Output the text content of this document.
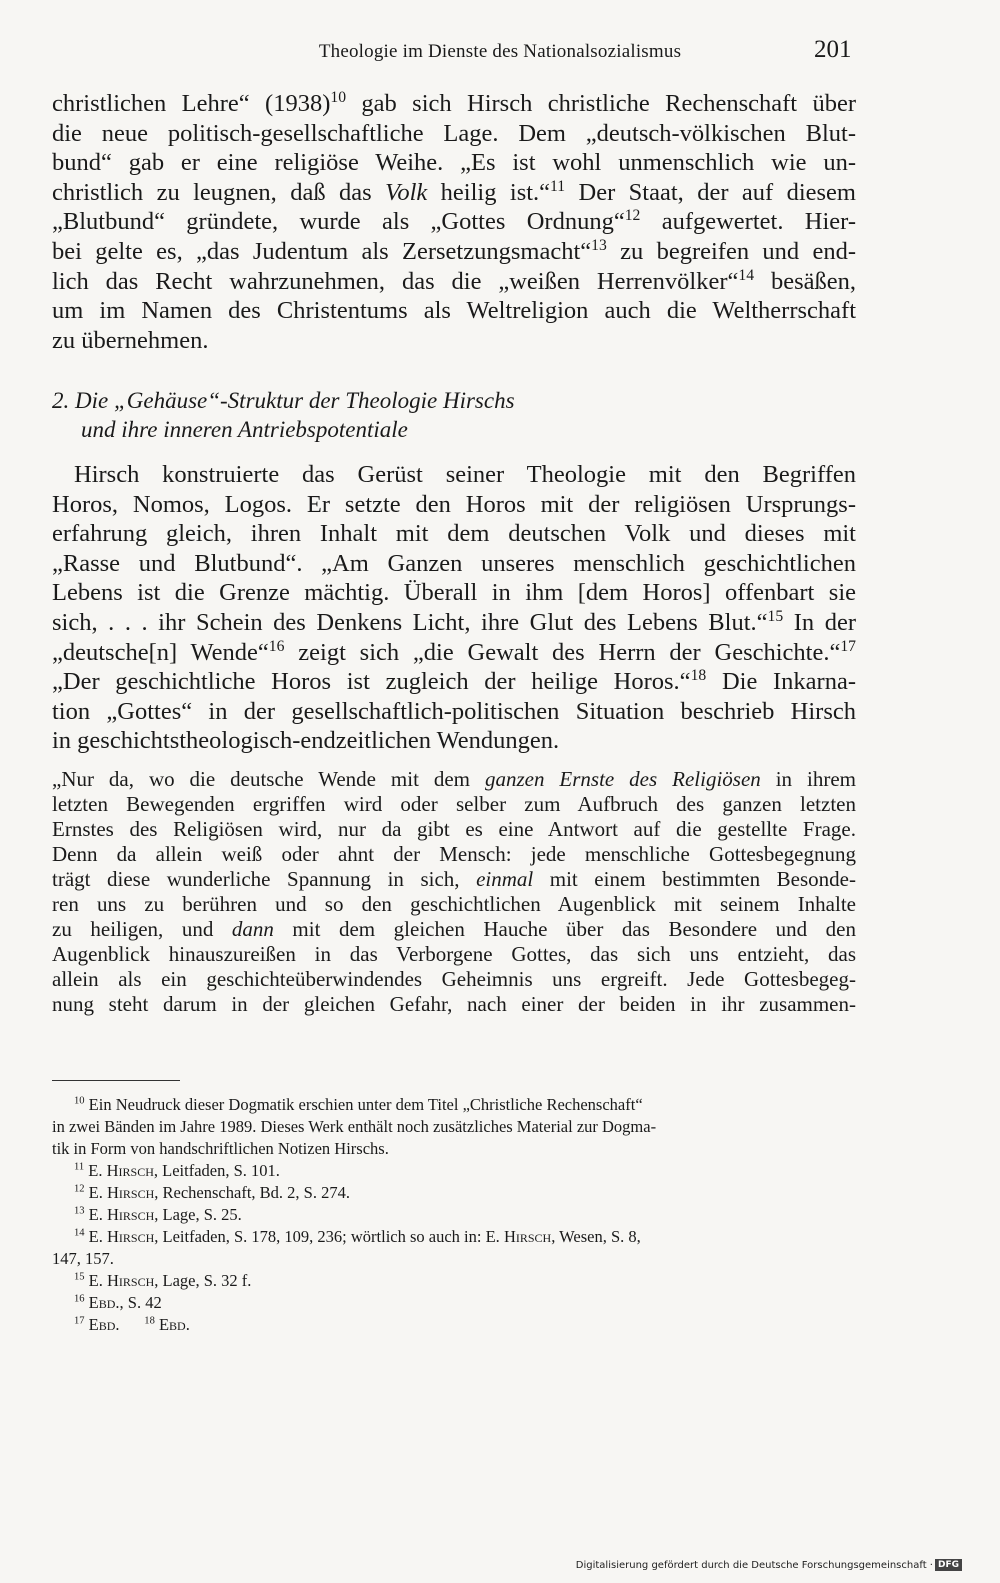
Theologie im Dienste des Nationalsozialismus	201
christlichen Lehre“ $(1938)^{10}$ gab sich Hirsch christliche Rechenschaft über
die neue politisch-gesellschaftliche Lage. Dem „deutsch-völkischen Blut-
bund“ gab er eine religiöse Weihe. „Es ist wohl unmenschlich wie un-
christlich zu leugnen, daß das Volk heilig ist.“$^{11}$ Der Staat, der auf diesem
„Blutbund“ gründete, wurde als „Gottes Ordnung“$^{12}$ aufgewertet. Hier-
bei gelte es, „das Judentum als Zersetzungsmacht“$^{13}$ zu begreifen und end-
lich das Recht wahrzunehmen, das die „weißen Herrenvölker“$^{14}$ besäßen,
um im Namen des Christentums als Weltreligion auch die Weltherrschaft
zu übernehmen.
2. Die „Gehäuse“-Struktur der Theologie Hirschs
und ihre inneren Antriebspotentiale
Hirsch konstruierte das Gerüst seiner Theologie mit den Begriffen
Horos, Nomos, Logos. Er setzte den Horos mit der religiösen Ursprungs-
erfahrung gleich, ihren Inhalt mit dem deutschen Volk und dieses mit
„Rasse und Blutbund“. „Am Ganzen unseres menschlich geschichtlichen
Lebens ist die Grenze mächtig. Überall in ihm [dem Horos] offenbart sie
sich, . . . ihr Schein des Denkens Licht, ihre Glut des Lebens Blut.“$^{15}$ In der
„deutsche[n] Wende“$^{16}$ zeigt sich „die Gewalt des Herrn der Geschichte.“$^{17}$
„Der geschichtliche Horos ist zugleich der heilige Horos.“$^{18}$ Die Inkarna-
tion „Gottes“ in der gesellschaftlich-politischen Situation beschrieb Hirsch
in geschichtstheologisch-endzeitlichen Wendungen.
„Nur da, wo die deutsche Wende mit dem ganzen Ernste des Religiösen in ihrem
letzten Bewegenden ergriffen wird oder selber zum Aufbruch des ganzen letzten
Ernstes des Religiösen wird, nur da gibt es eine Antwort auf die gestellte Frage.
Denn da allein weiß oder ahnt der Mensch: jede menschliche Gottesbegegnung
trägt diese wunderliche Spannung in sich, einmal mit einem bestimmten Besonde-
ren uns zu berühren und so den geschichtlichen Augenblick mit seinem Inhalte
zu heiligen, und dann mit dem gleichen Hauche über das Besondere und den
Augenblick hinauszureißen in das Verborgene Gottes, das sich uns entzieht, das
allein als ein geschichteüberwindendes Geheimnis uns ergreift. Jede Gottesbegeg-
nung steht darum in der gleichen Gefahr, nach einer der beiden in ihr zusammen-
$^{10}$ Ein Neudruck dieser Dogmatik erschien unter dem Titel „Christliche Rechenschaft“
in zwei Bänden im Jahre 1989. Dieses Werk enthält noch zusätzliches Material zur Dogma-
tik in Form von handschriftlichen Notizen Hirschs.
$^{11}$ E. Hirsch, Leitfaden, S. 101.
$^{12}$ E. Hirsch, Rechenschaft, Bd. 2, S. 274.
$^{13}$ E. Hirsch, Lage, S. 25.
$^{14}$ E. Hirsch, Leitfaden, S. 178, 109, 236; wörtlich so auch in: E. Hirsch, Wesen, S. 8,
147, 157.
$^{15}$ E. Hirsch, Lage, S. 32 f.
$^{16}$ Ebd., S. 42
$^{17}$ Ebd. $^{18}$ Ebd.
Digitalisierung gefördert durch die Deutsche Forschungsgemeinschaft · DFG
